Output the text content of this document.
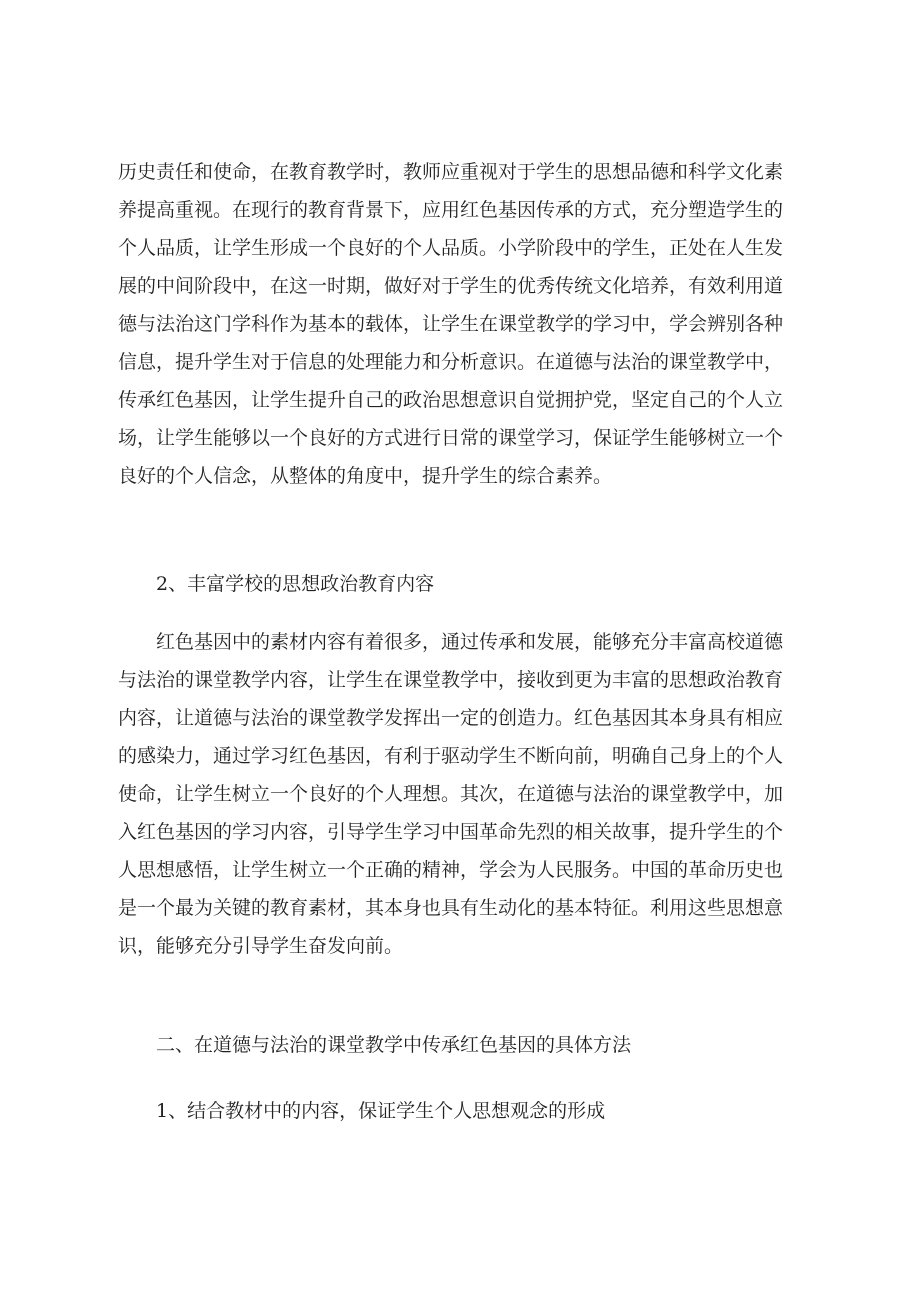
历史责任和使命，在教育教学时，教师应重视对于学生的思想品德和科学文化素
养提高重视。在现行的教育背景下，应用红色基因传承的方式，充分塑造学生的
个人品质，让学生形成一个良好的个人品质。小学阶段中的学生，正处在人生发
展的中间阶段中，在这一时期，做好对于学生的优秀传统文化培养，有效利用道
德与法治这门学科作为基本的载体，让学生在课堂教学的学习中，学会辨别各种
信息，提升学生对于信息的处理能力和分析意识。在道德与法治的课堂教学中，
传承红色基因，让学生提升自己的政治思想意识自觉拥护党，坚定自己的个人立
场，让学生能够以一个良好的方式进行日常的课堂学习，保证学生能够树立一个
良好的个人信念，从整体的角度中，提升学生的综合素养。
2、丰富学校的思想政治教育内容
红色基因中的素材内容有着很多，通过传承和发展，能够充分丰富高校道德
与法治的课堂教学内容，让学生在课堂教学中，接收到更为丰富的思想政治教育
内容，让道德与法治的课堂教学发挥出一定的创造力。红色基因其本身具有相应
的感染力，通过学习红色基因，有利于驱动学生不断向前，明确自己身上的个人
使命，让学生树立一个良好的个人理想。其次，在道德与法治的课堂教学中，加
入红色基因的学习内容，引导学生学习中国革命先烈的相关故事，提升学生的个
人思想感悟，让学生树立一个正确的精神，学会为人民服务。中国的革命历史也
是一个最为关键的教育素材，其本身也具有生动化的基本特征。利用这些思想意
识，能够充分引导学生奋发向前。
二、在道德与法治的课堂教学中传承红色基因的具体方法
1、结合教材中的内容，保证学生个人思想观念的形成
